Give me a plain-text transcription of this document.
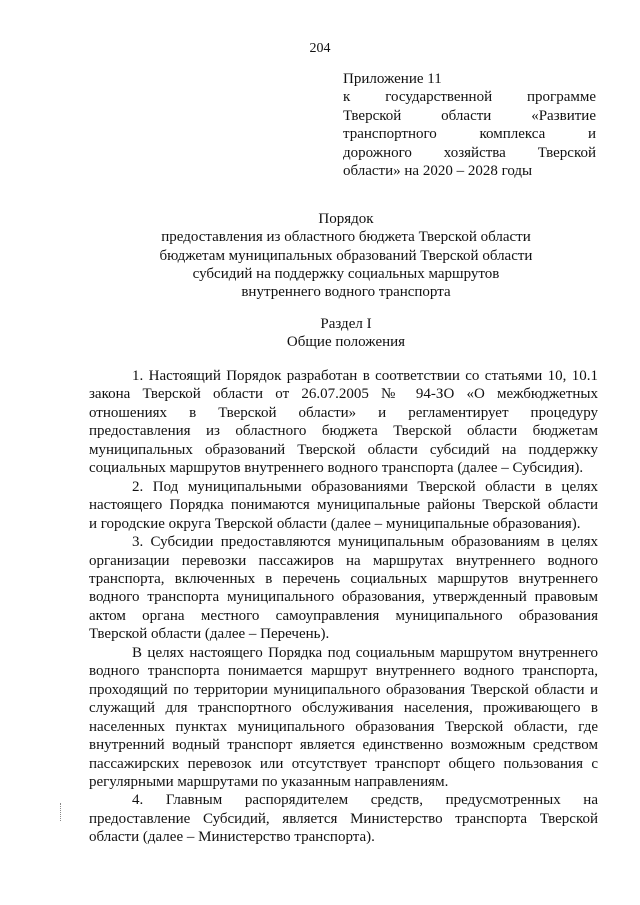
204
Приложение 11
к государственной программе
Тверской области «Развитие
транспортного комплекса и
дорожного хозяйства Тверской
области» на 2020 – 2028 годы
Порядок
предоставления из областного бюджета Тверской области
бюджетам муниципальных образований Тверской области
субсидий на поддержку социальных маршрутов
внутреннего водного транспорта
Раздел I
Общие положения

1. Настоящий Порядок разработан в соответствии со статьями 10, 10.1
закона Тверской области от 26.07.2005 № 94-ЗО «О межбюджетных
отношениях в Тверской области» и регламентирует процедуру
предоставления из областного бюджета Тверской области бюджетам
муниципальных образований Тверской области субсидий на поддержку
социальных маршрутов внутреннего водного транспорта (далее – Субсидия).

2. Под муниципальными образованиями Тверской области в целях
настоящего Порядка понимаются муниципальные районы Тверской области
и городские округа Тверской области (далее – муниципальные образования).

3. Субсидии предоставляются муниципальным образованиям в целях
организации перевозки пассажиров на маршрутах внутреннего водного
транспорта, включенных в перечень социальных маршрутов внутреннего
водного транспорта муниципального образования, утвержденный правовым
актом органа местного самоуправления муниципального образования
Тверской области (далее – Перечень).

В целях настоящего Порядка под социальным маршрутом внутреннего
водного транспорта понимается маршрут внутреннего водного транспорта,
проходящий по территории муниципального образования Тверской области и
служащий для транспортного обслуживания населения, проживающего в
населенных пунктах муниципального образования Тверской области, где
внутренний водный транспорт является единственно возможным средством
пассажирских перевозок или отсутствует транспорт общего пользования с
регулярными маршрутами по указанным направлениям.

4. Главным распорядителем средств, предусмотренных на
предоставление Субсидий, является Министерство транспорта Тверской
области (далее – Министерство транспорта).
